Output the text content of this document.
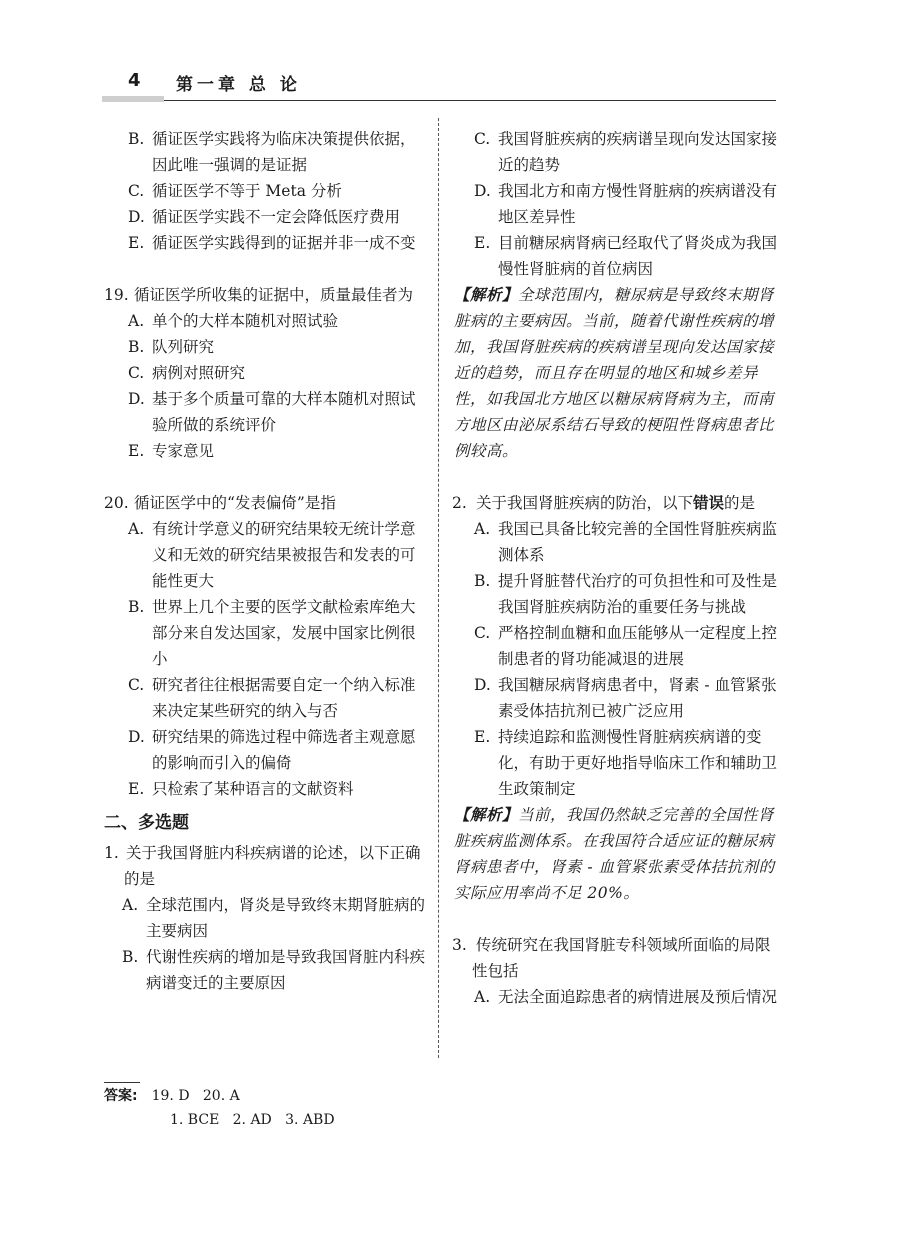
4 第一章 总 论
B. 循证医学实践将为临床决策提供依据，因此唯一强调的是证据
C. 循证医学不等于 Meta 分析
D. 循证医学实践不一定会降低医疗费用
E. 循证医学实践得到的证据并非一成不变
19. 循证医学所收集的证据中，质量最佳者为
A. 单个的大样本随机对照试验
B. 队列研究
C. 病例对照研究
D. 基于多个质量可靠的大样本随机对照试验所做的系统评价
E. 专家意见
20. 循证医学中的“发表偏倚”是指
A. 有统计学意义的研究结果较无统计学意义和无效的研究结果被报告和发表的可能性更大
B. 世界上几个主要的医学文献检索库绝大部分来自发达国家，发展中国家比例很小
C. 研究者往往根据需要自定一个纳入标准来决定某些研究的纳入与否
D. 研究结果的筛选过程中筛选者主观意愿的影响而引入的偏倚
E. 只检索了某种语言的文献资料
二、多选题
1. 关于我国肾脏内科疾病谱的论述，以下正确的是
A. 全球范围内，肾炎是导致终末期肾脏病的主要病因
B. 代谢性疾病的增加是导致我国肾脏内科疾病谱变迁的主要原因
C. 我国肾脏疾病的疾病谱呈现向发达国家接近的趋势
D. 我国北方和南方慢性肾脏病的疾病谱没有地区差异性
E. 目前糖尿病肾病已经取代了肾炎成为我国慢性肾脏病的首位病因
【解析】全球范围内，糖尿病是导致终末期肾脏病的主要病因。当前，随着代谢性疾病的增加，我国肾脏疾病的疾病谱呈现向发达国家接近的趋势，而且存在明显的地区和城乡差异性，如我国北方地区以糖尿病肾病为主，而南方地区由泌尿系结石导致的梗阻性肾病患者比例较高。
2. 关于我国肾脏疾病的防治，以下错误的是
A. 我国已具备比较完善的全国性肾脏疾病监测体系
B. 提升肾脏替代治疗的可负担性和可及性是我国肾脏疾病防治的重要任务与挑战
C. 严格控制血糖和血压能够从一定程度上控制患者的肾功能减退的进展
D. 我国糖尿病肾病患者中，肾素 - 血管紧张素受体拮抗剂已被广泛应用
E. 持续追踪和监测慢性肾脏病疾病谱的变化，有助于更好地指导临床工作和辅助卫生政策制定
【解析】当前，我国仍然缺乏完善的全国性肾脏疾病监测体系。在我国符合适应证的糖尿病肾病患者中，肾素 - 血管紧张素受体拮抗剂的实际应用率尚不足 20%。
3. 传统研究在我国肾脏专科领域所面临的局限性包括
A. 无法全面追踪患者的病情进展及预后情况
答案: 19. D   20. A
1. BCE   2. AD   3. ABD
